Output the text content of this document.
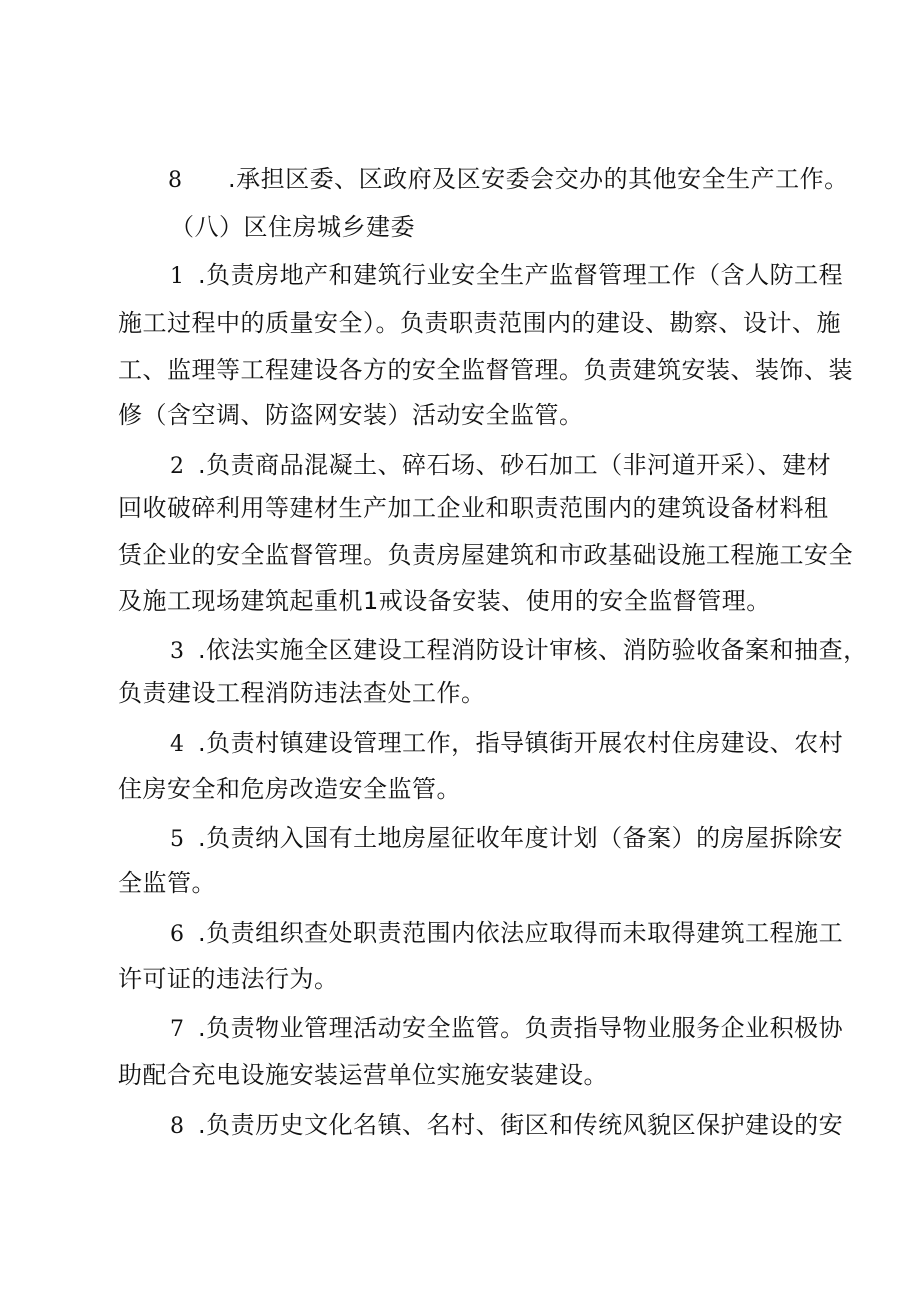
8 .承担区委、区政府及区安委会交办的其他安全生产工作。
（八）区住房城乡建委
1 .负责房地产和建筑行业安全生产监督管理工作（含人防工程
施工过程中的质量安全）。负责职责范围内的建设、勘察、设计、施
工、监理等工程建设各方的安全监督管理。负责建筑安装、装饰、装
修（含空调、防盗网安装）活动安全监管。
2 .负责商品混凝土、碎石场、砂石加工（非河道开采）、建材
回收破碎利用等建材生产加工企业和职责范围内的建筑设备材料租
赁企业的安全监督管理。负责房屋建筑和市政基础设施工程施工安全
及施工现场建筑起重机1戒设备安装、使用的安全监督管理。
3 .依法实施全区建设工程消防设计审核、消防验收备案和抽查，
负责建设工程消防违法查处工作。
4 .负责村镇建设管理工作，指导镇街开展农村住房建设、农村
住房安全和危房改造安全监管。
5 .负责纳入国有土地房屋征收年度计划（备案）的房屋拆除安
全监管。
6 .负责组织查处职责范围内依法应取得而未取得建筑工程施工
许可证的违法行为。
7 .负责物业管理活动安全监管。负责指导物业服务企业积极协
助配合充电设施安装运营单位实施安装建设。
8 .负责历史文化名镇、名村、街区和传统风貌区保护建设的安
